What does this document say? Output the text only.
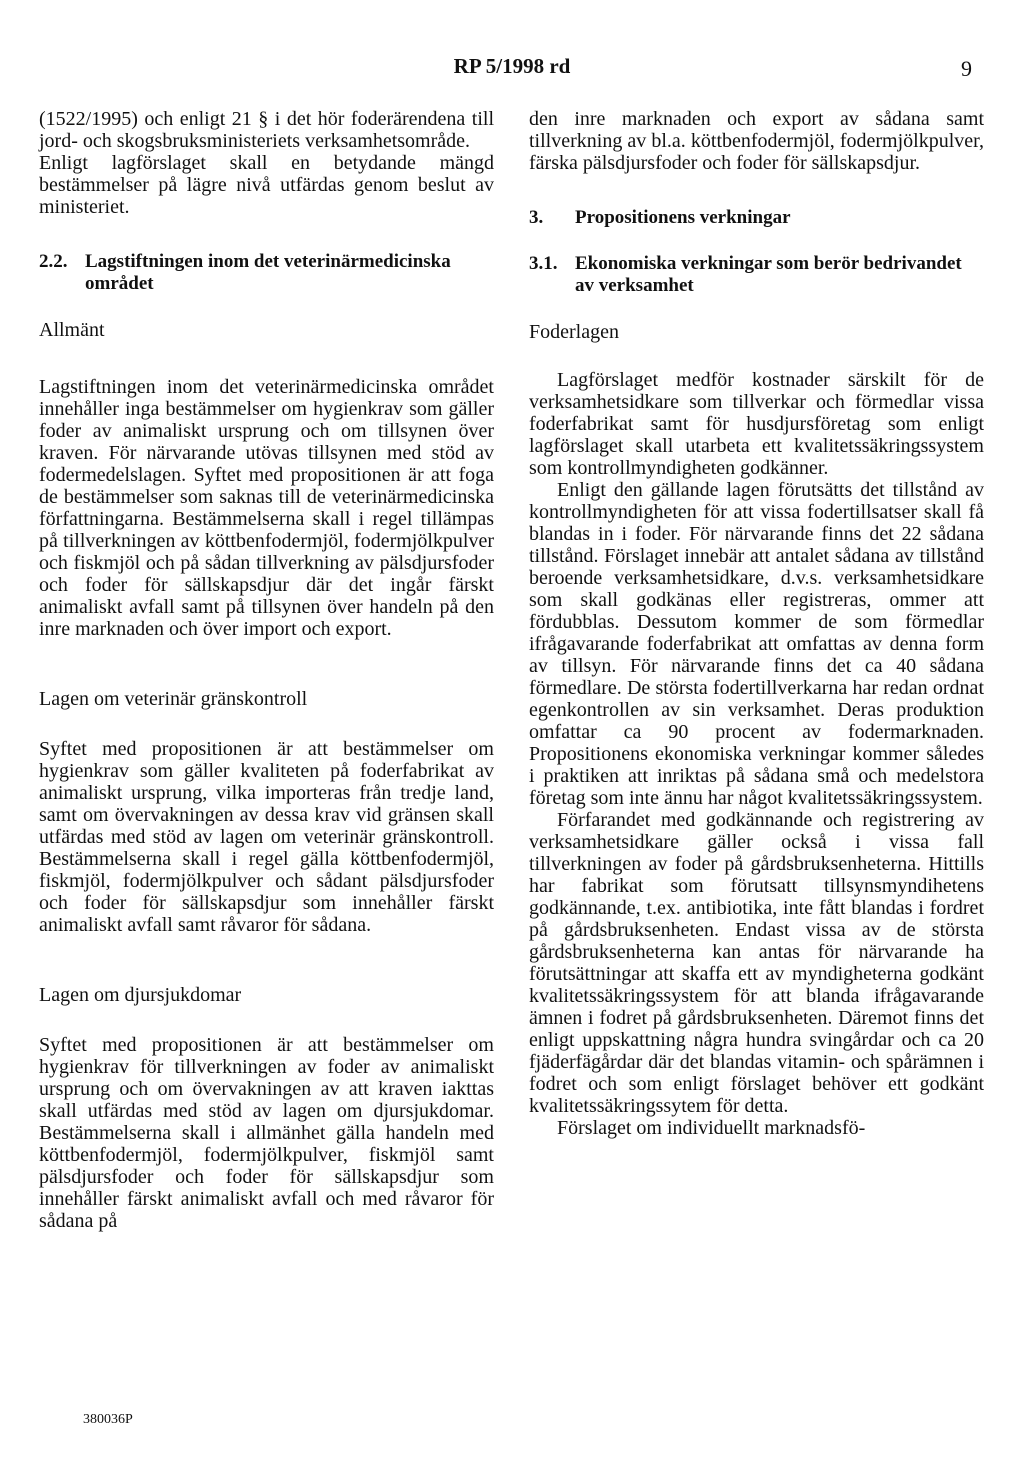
RP 5/1998 rd	9

(1522/1995) och enligt 21 § i det hör foderärendena till jord- och skogsbruksministeriets verksamhetsområde.

Enligt lagförslaget skall en betydande mängd bestämmelser på lägre nivå utfärdas genom beslut av ministeriet.

2.2. Lagstiftningen inom det veterinärmedicinska området
Allmänt

Lagstiftningen inom det veterinärmedicinska området innehåller inga bestämmelser om hygienkrav som gäller foder av animaliskt ursprung och om tillsynen över kraven. För närvarande utövas tillsynen med stöd av fodermedelslagen. Syftet med propositionen är att foga de bestämmelser som saknas till de veterinärmedicinska författningarna. Bestämmelserna skall i regel tillämpas på tillverkningen av köttbenfodermjöl, fodermjölkpulver och fiskmjöl och på sådan tillverkning av pälsdjursfoder och foder för sällskapsdjur där det ingår färskt animaliskt avfall samt på tillsynen över handeln på den inre marknaden och över import och export.

Lagen om veterinär gränskontroll

Syftet med propositionen är att bestämmelser om hygienkrav som gäller kvaliteten på foderfabrikat av animaliskt ursprung, vilka importeras från tredje land, samt om övervakningen av dessa krav vid gränsen skall utfärdas med stöd av lagen om veterinär gränskontroll. Bestämmelserna skall i regel gälla köttbenfodermjöl, fiskmjöl, fodermjölkpulver och sådant pälsdjursfoder och foder för sällskapsdjur som innehåller färskt animaliskt avfall samt råvaror för sådana.

Lagen om djursjukdomar

Syftet med propositionen är att bestämmelser om hygienkrav för tillverkningen av foder av animaliskt ursprung och om övervakningen av att kraven iakttas skall utfärdas med stöd av lagen om djursjukdomar. Bestämmelserna skall i allmänhet gälla handeln med köttbenfodermjöl, fodermjölkpulver, fiskmjöl samt pälsdjursfoder och foder för sällskapsdjur som innehåller färskt animaliskt avfall och med råvaror för sådana på

den inre marknaden och export av sådana samt tillverkning av bl.a. köttbenfodermjöl, fodermjölkpulver, färska pälsdjursfoder och foder för sällskapsdjur.

3.	Propositionens verkningar
3.1. Ekonomiska verkningar som berör bedrivandet av verksamhet
Foderlagen

Lagförslaget medför kostnader särskilt för de verksamhetsidkare som tillverkar och förmedlar vissa foderfabrikat samt för husdjursföretag som enligt lagförslaget skall utarbeta ett kvalitetssäkringssystem som kontrollmyndigheten godkänner.

Enligt den gällande lagen förutsätts det tillstånd av kontrollmyndigheten för att vissa fodertillsatser skall få blandas in i foder. För närvarande finns det 22 sådana tillstånd. Förslaget innebär att antalet sådana av tillstånd beroende verksamhetsidkare, d.v.s. verksamhetsidkare som skall godkänas eller registreras, ommer att fördubblas. Dessutom kommer de som förmedlar ifrågavarande foderfabrikat att omfattas av denna form av tillsyn. För närvarande finns det ca 40 sådana förmedlare. De största fodertillverkarna har redan ordnat egenkontrollen av sin verksamhet. Deras produktion omfattar ca 90 procent av fodermarknaden. Propositionens ekonomiska verkningar kommer således i praktiken att inriktas på sådana små och medelstora företag som inte ännu har något kvalitetssäkringssystem.

Förfarandet med godkännande och registrering av verksamhetsidkare gäller också i vissa fall tillverkningen av foder på gårdsbruksenheterna. Hittills har fabrikat som förutsatt tillsynsmyndihetens godkännande, t.ex. antibiotika, inte fått blandas i fordret på gårdsbruksenheten. Endast vissa av de största gårdsbruksenheterna kan antas för närvarande ha förutsättningar att skaffa ett av myndigheterna godkänt kvalitetssäkringssystem för att blanda ifrågavarande ämnen i fodret på gårdsbruksenheten. Däremot finns det enligt uppskattning några hundra svingårdar och ca 20 fjäderfägårdar där det blandas vitamin- och spårämnen i fodret och som enligt förslaget behöver ett godkänt kvalitetssäkringssytem för detta.

Förslaget om individuellt marknadsfö-

380036P
